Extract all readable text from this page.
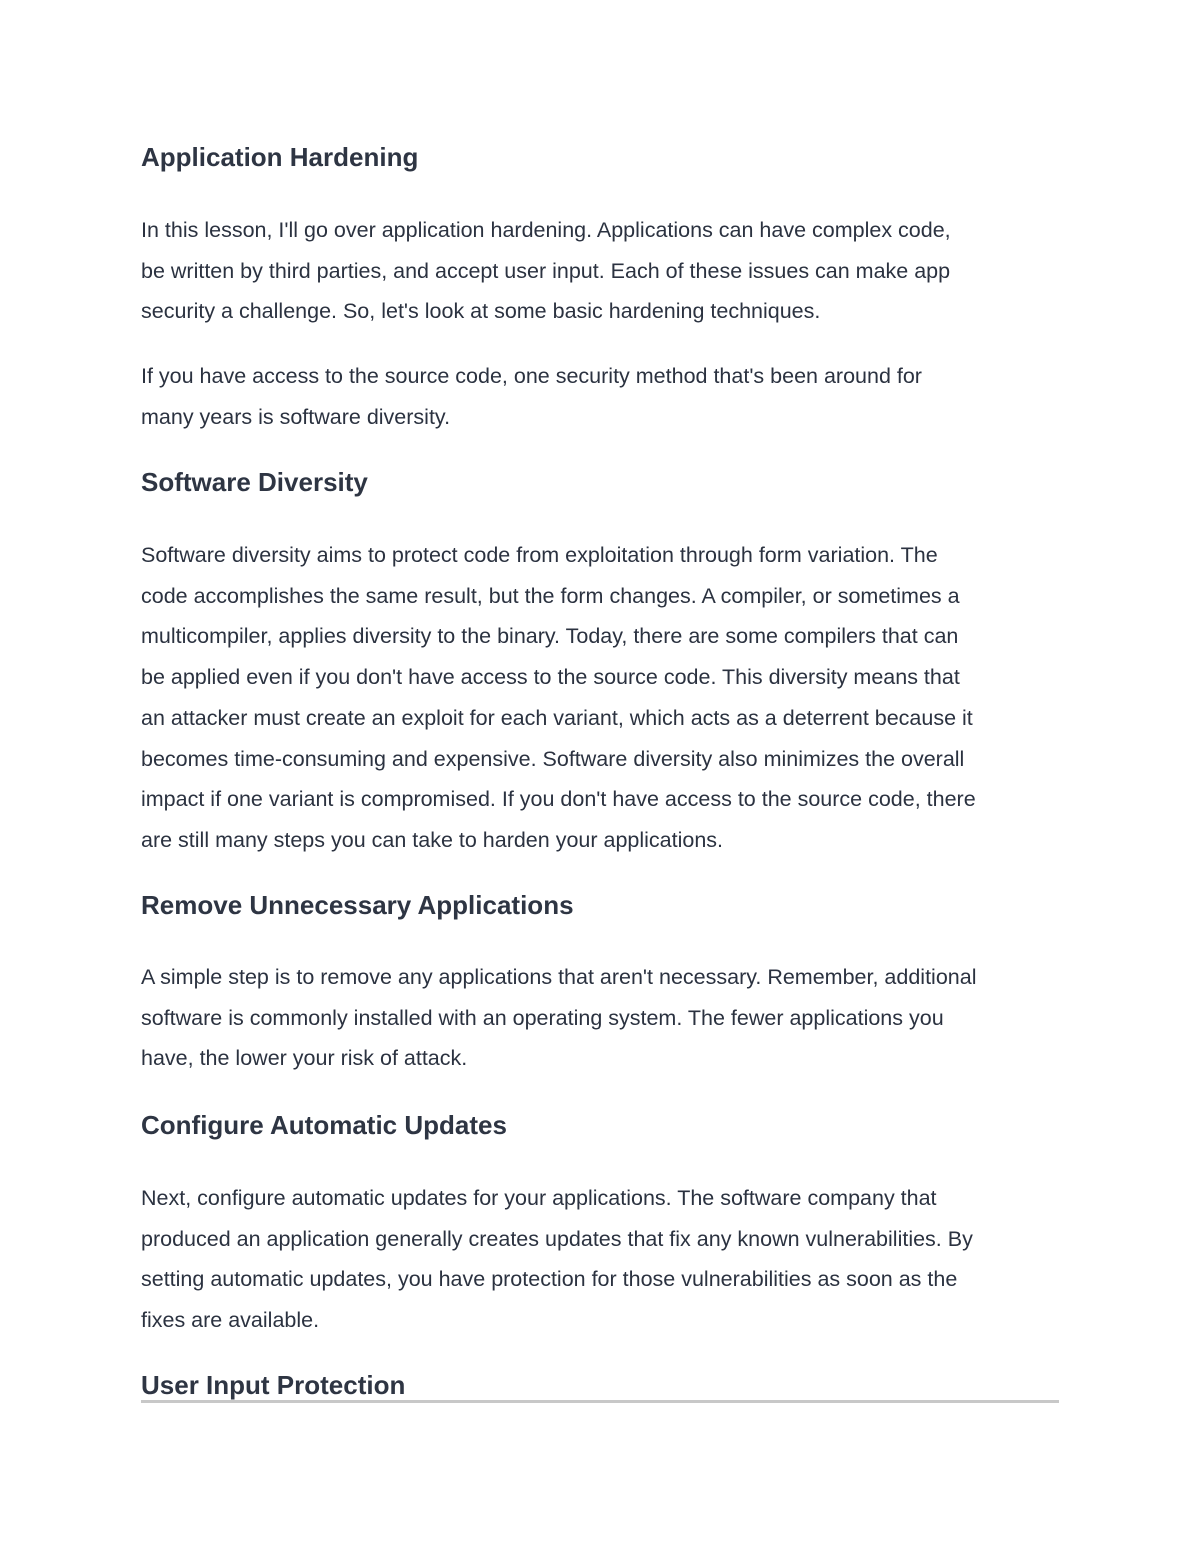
Application Hardening

In this lesson, I'll go over application hardening. Applications can have complex code,
be written by third parties, and accept user input. Each of these issues can make app
security a challenge. So, let's look at some basic hardening techniques.

If you have access to the source code, one security method that's been around for
many years is software diversity.

Software Diversity

Software diversity aims to protect code from exploitation through form variation. The
code accomplishes the same result, but the form changes. A compiler, or sometimes a
multicompiler, applies diversity to the binary. Today, there are some compilers that can
be applied even if you don't have access to the source code. This diversity means that
an attacker must create an exploit for each variant, which acts as a deterrent because it
becomes time-consuming and expensive. Software diversity also minimizes the overall
impact if one variant is compromised. If you don't have access to the source code, there
are still many steps you can take to harden your applications.

Remove Unnecessary Applications

A simple step is to remove any applications that aren't necessary. Remember, additional
software is commonly installed with an operating system. The fewer applications you
have, the lower your risk of attack.

Configure Automatic Updates

Next, configure automatic updates for your applications. The software company that
produced an application generally creates updates that fix any known vulnerabilities. By
setting automatic updates, you have protection for those vulnerabilities as soon as the
fixes are available.

User Input Protection
